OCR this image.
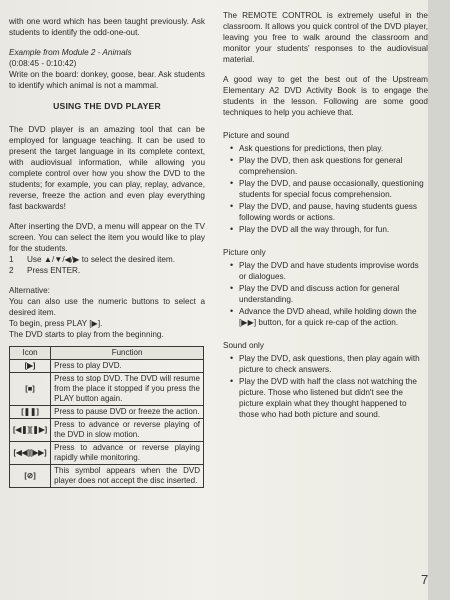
with one word which has been taught previously. Ask students to identify the odd-one-out.

Example from Module 2 - Animals

(0:08:45 - 0:10:42)

Write on the board: donkey, goose, bear. Ask students to identify which animal is not a mammal.

USING THE DVD PLAYER

The DVD player is an amazing tool that can be employed for language teaching. It can be used to present the target language in its complete context, with audiovisual information, while allowing you complete control over how you show the DVD to the students; for example, you can play, replay, advance, reverse, freeze the action and even play everything fast backwards!

After inserting the DVD, a menu will appear on the TV screen. You can select the item you would like to play for the students.

1 Use ▲/▼/◀/▶ to select the desired item.

2 Press ENTER.

Alternative:

You can also use the numeric buttons to select a desired item.

To begin, press PLAY [▶].

The DVD starts to play from the beginning.

Icon	Function
[▶]	Press to play DVD.
[■]	Press to stop DVD. The DVD will resume from the place it stopped if you press the PLAY button again.
[❚❚]	Press to pause DVD or freeze the action.
[◀❚][❚▶]	Press to advance or reverse playing of the DVD in slow motion.
[◀◀][▶▶]	Press to advance or reverse playing rapidly while monitoring.
[⊘]	This symbol appears when the DVD player does not accept the disc inserted.

The REMOTE CONTROL is extremely useful in the classroom. It allows you quick control of the DVD player, leaving you free to walk around the classroom and monitor your students' responses to the audiovisual material.

A good way to get the best out of the Upstream Elementary A2 DVD Activity Book is to engage the students in the lesson. Following are some good techniques to help you achieve that.

Picture and sound

• Ask questions for predictions, then play.
• Play the DVD, then ask questions for general comprehension.
• Play the DVD, and pause occasionally, questioning students for special focus comprehension.
• Play the DVD, and pause, having students guess following words or actions.
• Play the DVD all the way through, for fun.

Picture only

• Play the DVD and have students improvise words or dialogues.
• Play the DVD and discuss action for general understanding.
• Advance the DVD ahead, while holding down the [▶▶] button, for a quick re-cap of the action.

Sound only

• Play the DVD, ask questions, then play again with picture to check answers.
• Play the DVD with half the class not watching the picture. Those who listened but didn't see the picture explain what they thought happened to those who had both picture and sound.
7
